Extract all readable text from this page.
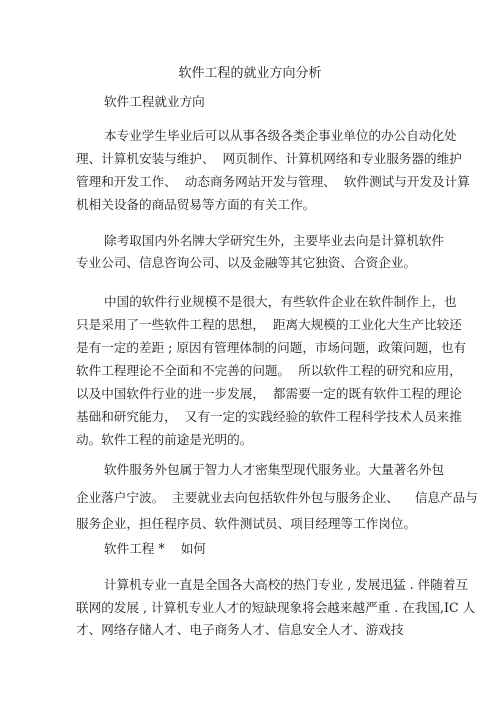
软件工程的就业方向分析
软件工程就业方向
本专业学生毕业后可以从事各级各类企事业单位的办公自动化处
理、计算机安装与维护、  网页制作、计算机网络和专业服务器的维护
管理和开发工作、  动态商务网站开发与管理、  软件测试与开发及计算
机相关设备的商品贸易等方面的有关工作。
除考取国内外名牌大学研究生外，主要毕业去向是计算机软件
专业公司、信息咨询公司、以及金融等其它独资、合资企业。
中国的软件行业规模不是很大，有些软件企业在软件制作上，也
只是采用了一些软件工程的思想，  距离大规模的工业化大生产比较还
是有一定的差距 ; 原因有管理体制的问题，市场问题，政策问题，也有
软件工程理论不全面和不完善的问题。  所以软件工程的研究和应用，
以及中国软件行业的进一步发展，  都需要一定的既有软件工程的理论
基础和研究能力，  又有一定的实践经验的软件工程科学技术人员来推
动。软件工程的前途是光明的。
软件服务外包属于智力人才密集型现代服务业。大量著名外包
企业落户宁波。  主要就业去向包括软件外包与服务企业、    信息产品与
服务企业，担任程序员、软件测试员、项目经理等工作岗位。
软件工程 *    如何
计算机专业一直是全国各大高校的热门专业 , 发展迅猛 . 伴随着互
联网的发展 , 计算机专业人才的短缺现象将会越来越严重 . 在我国,IC 人
才、网络存储人才、电子商务人才、信息安全人才、游戏技
